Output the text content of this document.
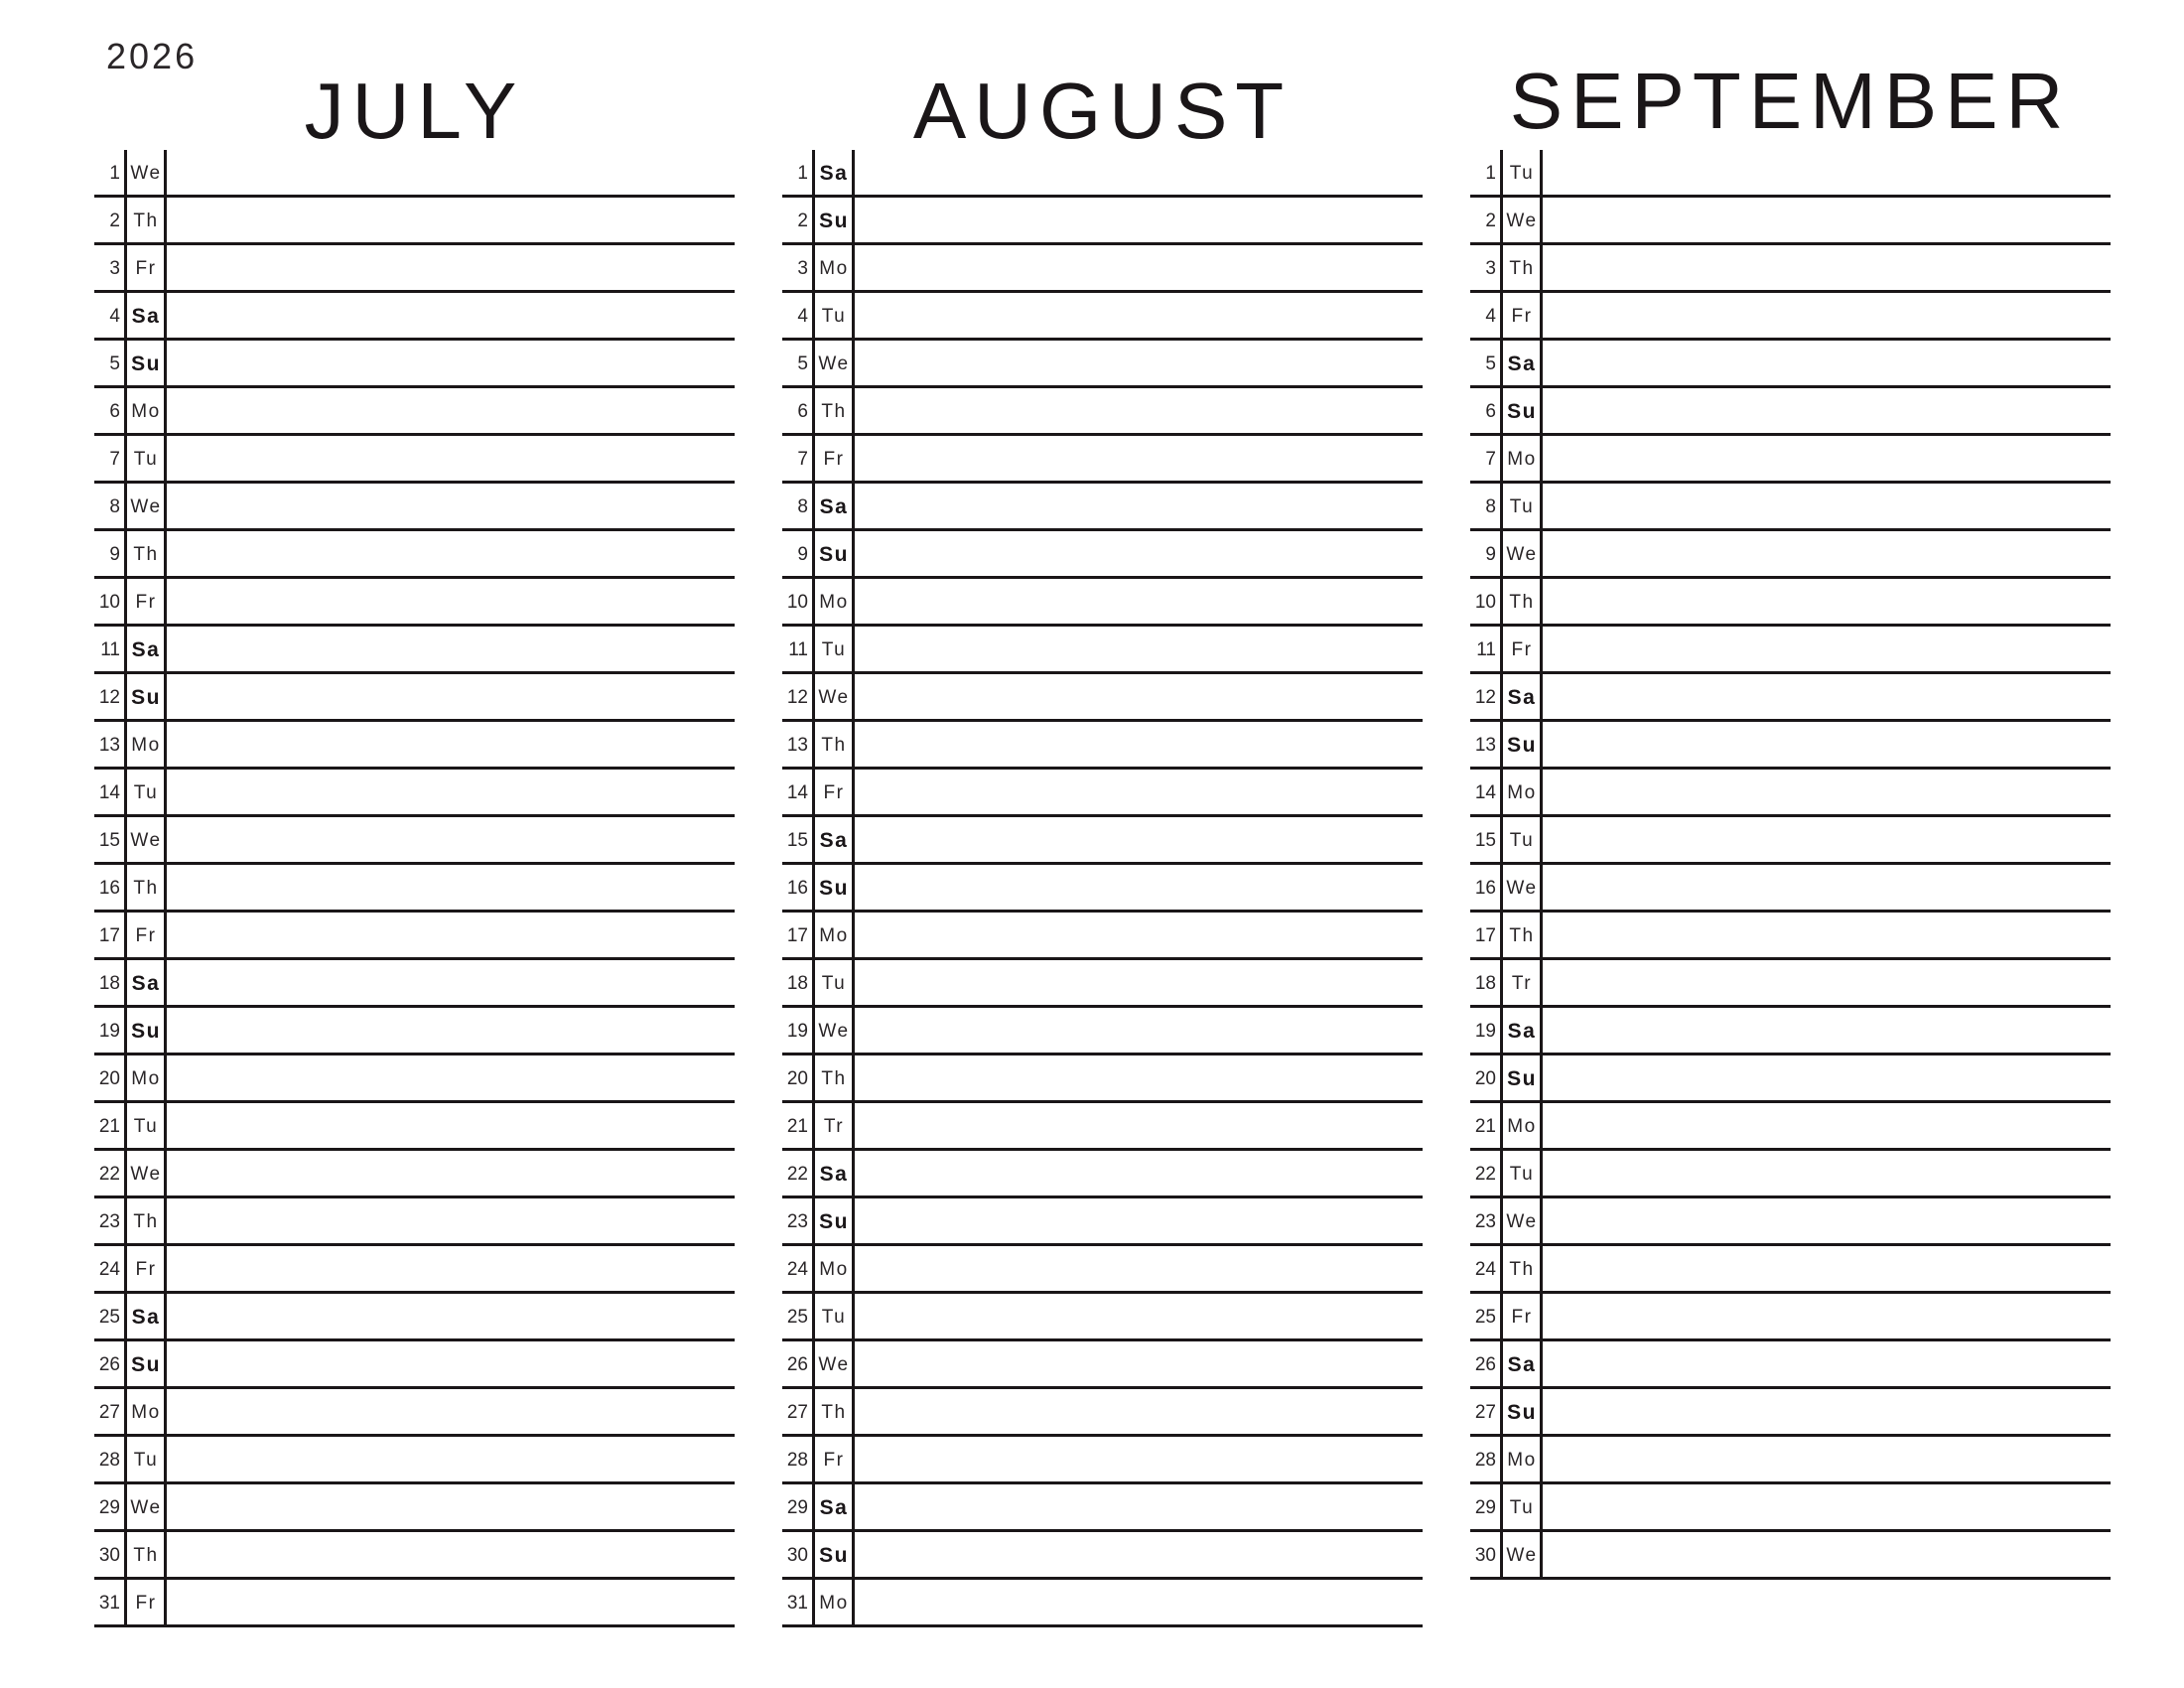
2026
JULY
1 We
2 Th
3 Fr
4 Sa
5 Su
6 Mo
7 Tu
8 We
9 Th
10 Fr
11 Sa
12 Su
13 Mo
14 Tu
15 We
16 Th
17 Fr
18 Sa
19 Su
20 Mo
21 Tu
22 We
23 Th
24 Fr
25 Sa
26 Su
27 Mo
28 Tu
29 We
30 Th
31 Fr
AUGUST
1 Sa
2 Su
3 Mo
4 Tu
5 We
6 Th
7 Fr
8 Sa
9 Su
10 Mo
11 Tu
12 We
13 Th
14 Fr
15 Sa
16 Su
17 Mo
18 Tu
19 We
20 Th
21 Tr
22 Sa
23 Su
24 Mo
25 Tu
26 We
27 Th
28 Fr
29 Sa
30 Su
31 Mo
SEPTEMBER
1 Tu
2 We
3 Th
4 Fr
5 Sa
6 Su
7 Mo
8 Tu
9 We
10 Th
11 Fr
12 Sa
13 Su
14 Mo
15 Tu
16 We
17 Th
18 Tr
19 Sa
20 Su
21 Mo
22 Tu
23 We
24 Th
25 Fr
26 Sa
27 Su
28 Mo
29 Tu
30 We
